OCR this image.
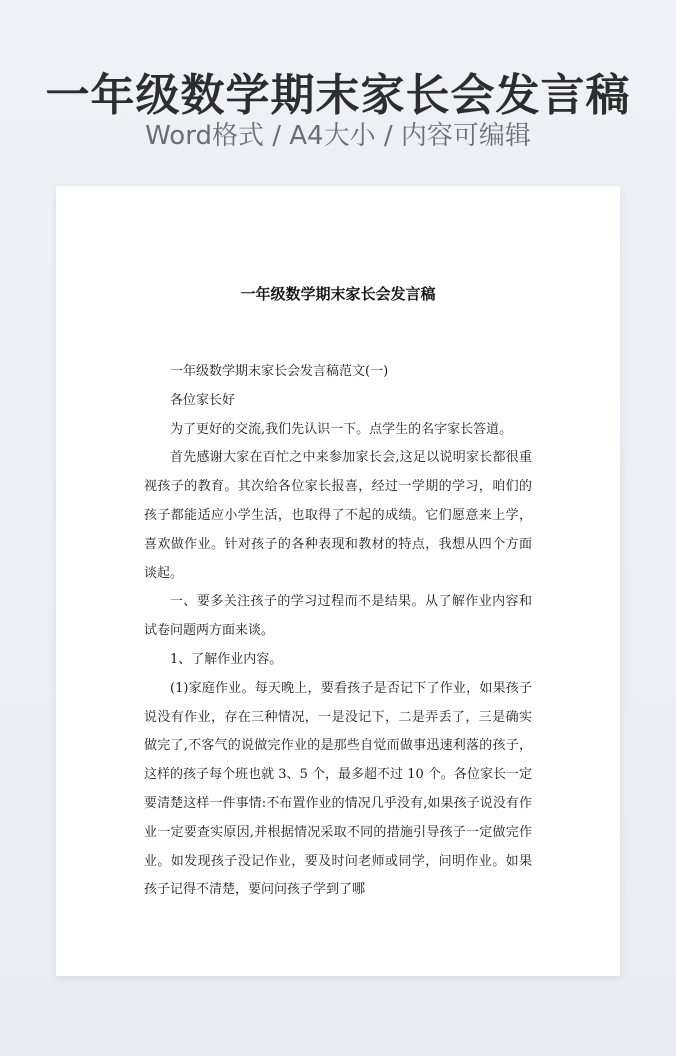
一年级数学期末家长会发言稿
Word格式 / A4大小 / 内容可编辑
一年级数学期末家长会发言稿

一年级数学期末家长会发言稿范文(一)

各位家长好

为了更好的交流,我们先认识一下。点学生的名字家长答道。

首先感谢大家在百忙之中来参加家长会,这足以说明家长都很重视孩子的教育。其次给各位家长报喜，经过一学期的学习，咱们的孩子都能适应小学生活，也取得了不起的成绩。它们愿意来上学，喜欢做作业。针对孩子的各种表现和教材的特点，我想从四个方面谈起。

一、要多关注孩子的学习过程而不是结果。从了解作业内容和试卷问题两方面来谈。

1、了解作业内容。

(1)家庭作业。每天晚上，要看孩子是否记下了作业，如果孩子说没有作业，存在三种情况，一是没记下，二是弄丢了，三是确实做完了,不客气的说做完作业的是那些自觉而做事迅速利落的孩子，这样的孩子每个班也就 3、5 个，最多超不过 10 个。各位家长一定要清楚这样一件事情:不布置作业的情况几乎没有,如果孩子说没有作业一定要查实原因,并根据情况采取不同的措施引导孩子一定做完作业。如发现孩子没记作业，要及时问老师或同学，问明作业。如果孩子记得不清楚，要问问孩子学到了哪
